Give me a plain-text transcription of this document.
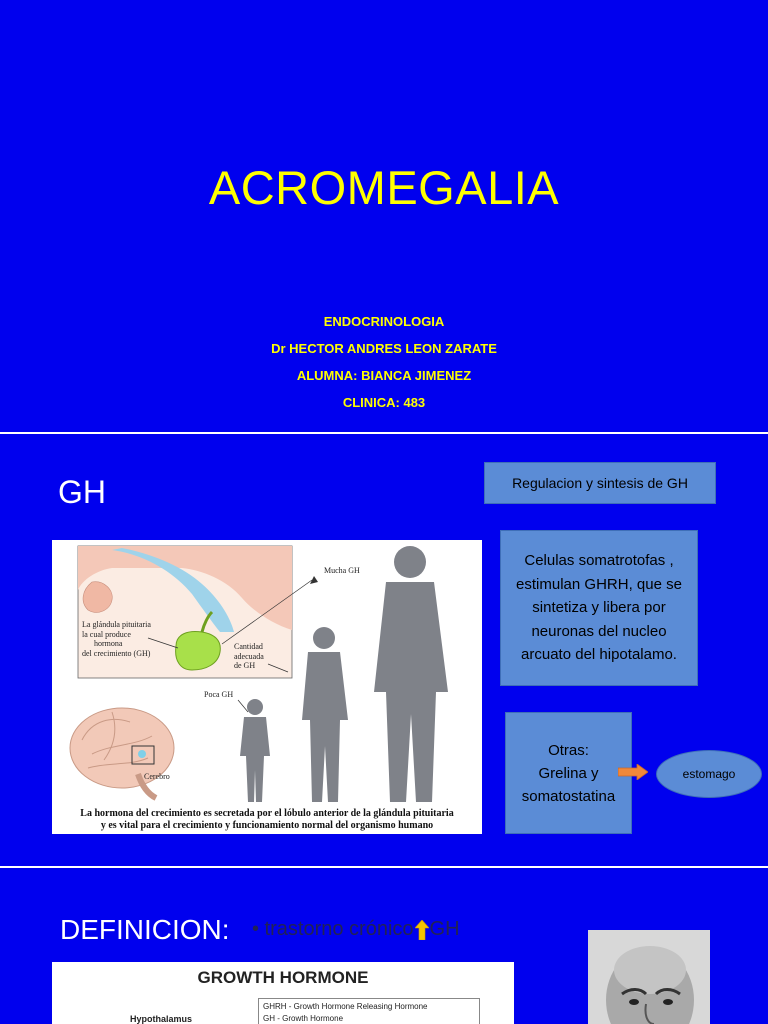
ACROMEGALIA
ENDOCRINOLOGIA
Dr HECTOR ANDRES LEON ZARATE
ALUMNA: BIANCA JIMENEZ
CLINICA: 483
GH	Regulacion y sintesis de GH
Celulas somatrotofas , estimulan GHRH, que se sintetiza y libera por neuronas del nucleo arcuato del hipotalamo.
Otras:
Grelina y
somatostatina
estomago
La glándula pituitaria
la cual produce
hormona
del crecimiento (GH)
Mucha GH
Cantidad
adecuada
de GH
Poca GH
Cerebro
La hormona del crecimiento es secretada por el lóbulo anterior de la glándula pituitaria
y es vital para el crecimiento y funcionamiento normal del organismo humano
DEFINICION: • trastorno crónico GH
GROWTH HORMONE
Hypothalamus
GHRH - Growth Hormone Releasing Hormone
GH - Growth Hormone
